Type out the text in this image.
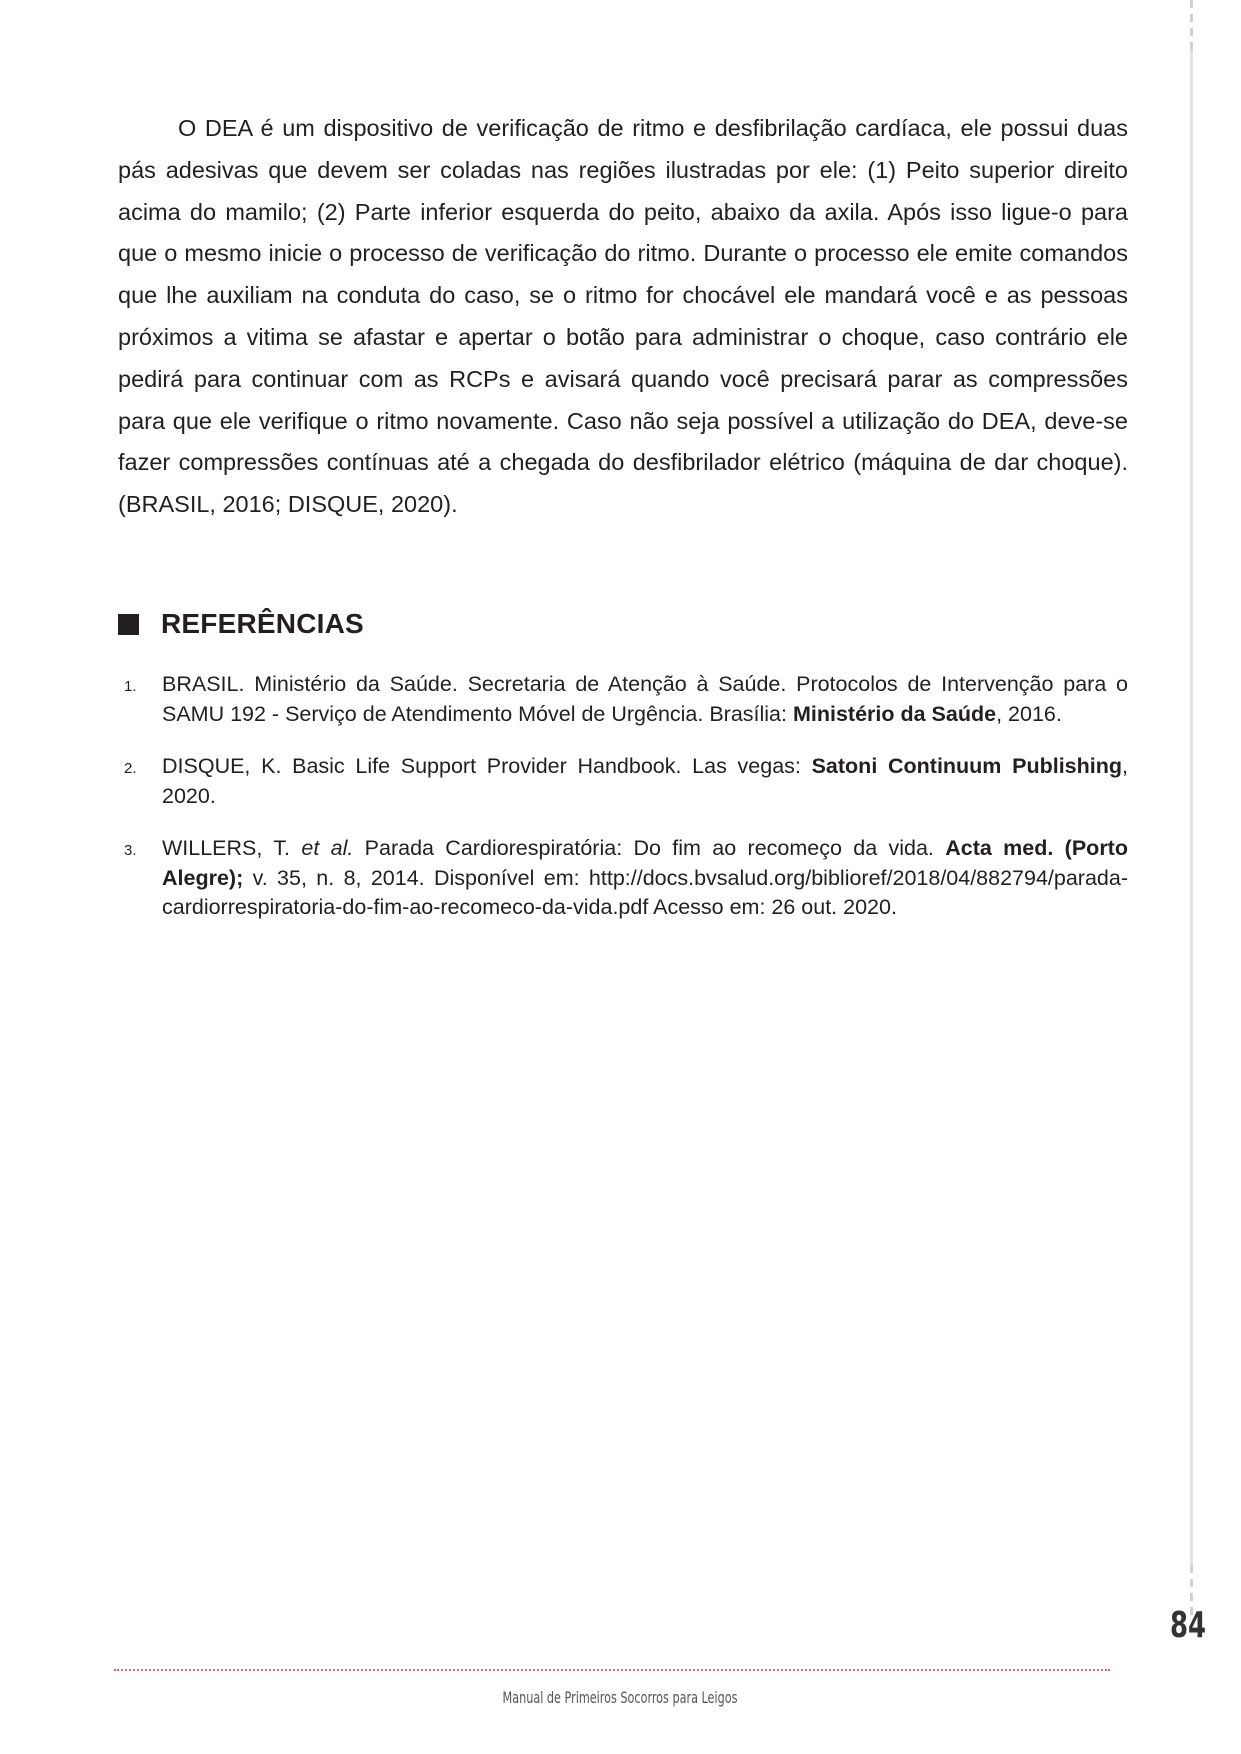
O DEA é um dispositivo de verificação de ritmo e desfibrilação cardíaca, ele possui duas pás adesivas que devem ser coladas nas regiões ilustradas por ele: (1) Peito superior direito acima do mamilo; (2) Parte inferior esquerda do peito, abaixo da axila. Após isso ligue-o para que o mesmo inicie o processo de verificação do ritmo. Durante o processo ele emite comandos que lhe auxiliam na conduta do caso, se o ritmo for chocável ele mandará você e as pessoas próximos a vitima se afastar e apertar o botão para administrar o choque, caso contrário ele pedirá para continuar com as RCPs e avisará quando você precisará parar as compressões para que ele verifique o ritmo novamente. Caso não seja possível a utilização do DEA, deve-se fazer compressões contínuas até a chegada do desfibrilador elétrico (máquina de dar choque). (BRASIL, 2016; DISQUE, 2020).

REFERÊNCIAS
1. BRASIL. Ministério da Saúde. Secretaria de Atenção à Saúde. Protocolos de Intervenção para o SAMU 192 - Serviço de Atendimento Móvel de Urgência. Brasília: Ministério da Saúde, 2016.
2. DISQUE, K. Basic Life Support Provider Handbook. Las vegas: Satoni Continuum Publishing, 2020.
3. WILLERS, T. et al. Parada Cardiorespiratória: Do fim ao recomeço da vida. Acta med. (Porto Alegre); v. 35, n. 8, 2014. Disponível em: http://docs.bvsalud.org/biblioref/2018/04/882794/parada-cardiorrespiratoria-do-fim-ao-recomeco-da-vida.pdf Acesso em: 26 out. 2020.
84
Manual de Primeiros Socorros para Leigos
